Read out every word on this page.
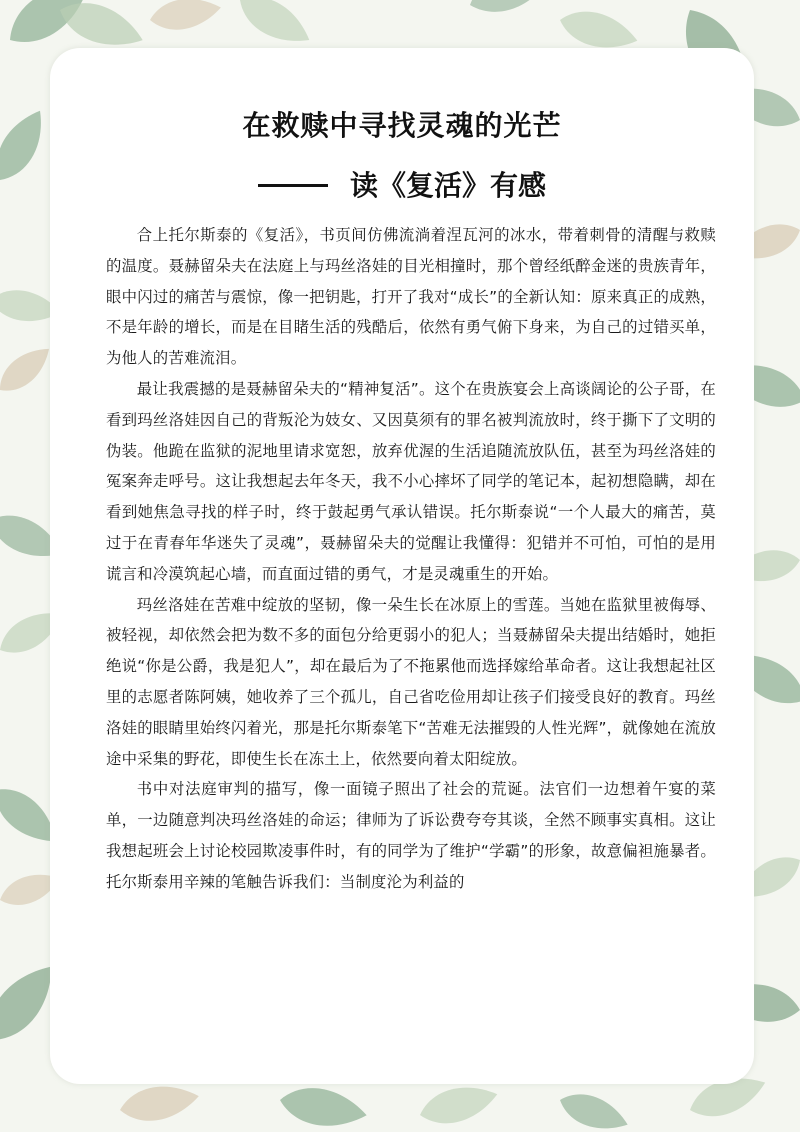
在救赎中寻找灵魂的光芒
读《复活》有感

合上托尔斯泰的《复活》，书页间仿佛流淌着涅瓦河的冰水，带着刺骨的清醒与救赎的温度。聂赫留朵夫在法庭上与玛丝洛娃的目光相撞时，那个曾经纸醉金迷的贵族青年，眼中闪过的痛苦与震惊，像一把钥匙，打开了我对“成长”的全新认知：原来真正的成熟，不是年龄的增长，而是在目睹生活的残酷后，依然有勇气俯下身来，为自己的过错买单，为他人的苦难流泪。

最让我震撼的是聂赫留朵夫的“精神复活”。这个在贵族宴会上高谈阔论的公子哥，在看到玛丝洛娃因自己的背叛沦为妓女、又因莫须有的罪名被判流放时，终于撕下了文明的伪装。他跪在监狱的泥地里请求宽恕，放弃优渥的生活追随流放队伍，甚至为玛丝洛娃的冤案奔走呼号。这让我想起去年冬天，我不小心摔坏了同学的笔记本，起初想隐瞒，却在看到她焦急寻找的样子时，终于鼓起勇气承认错误。托尔斯泰说“一个人最大的痛苦，莫过于在青春年华迷失了灵魂”，聂赫留朵夫的觉醒让我懂得：犯错并不可怕，可怕的是用谎言和冷漠筑起心墙，而直面过错的勇气，才是灵魂重生的开始。

玛丝洛娃在苦难中绽放的坚韧，像一朵生长在冰原上的雪莲。当她在监狱里被侮辱、被轻视，却依然会把为数不多的面包分给更弱小的犯人；当聂赫留朵夫提出结婚时，她拒绝说“你是公爵，我是犯人”，却在最后为了不拖累他而选择嫁给革命者。这让我想起社区里的志愿者陈阿姨，她收养了三个孤儿，自己省吃俭用却让孩子们接受良好的教育。玛丝洛娃的眼睛里始终闪着光，那是托尔斯泰笔下“苦难无法摧毁的人性光辉”，就像她在流放途中采集的野花，即使生长在冻土上，依然要向着太阳绽放。

书中对法庭审判的描写，像一面镜子照出了社会的荒诞。法官们一边想着午宴的菜单，一边随意判决玛丝洛娃的命运；律师为了诉讼费夸夸其谈，全然不顾事实真相。这让我想起班会上讨论校园欺凌事件时，有的同学为了维护“学霸”的形象，故意偏袒施暴者。托尔斯泰用辛辣的笔触告诉我们：当制度沦为利益的
